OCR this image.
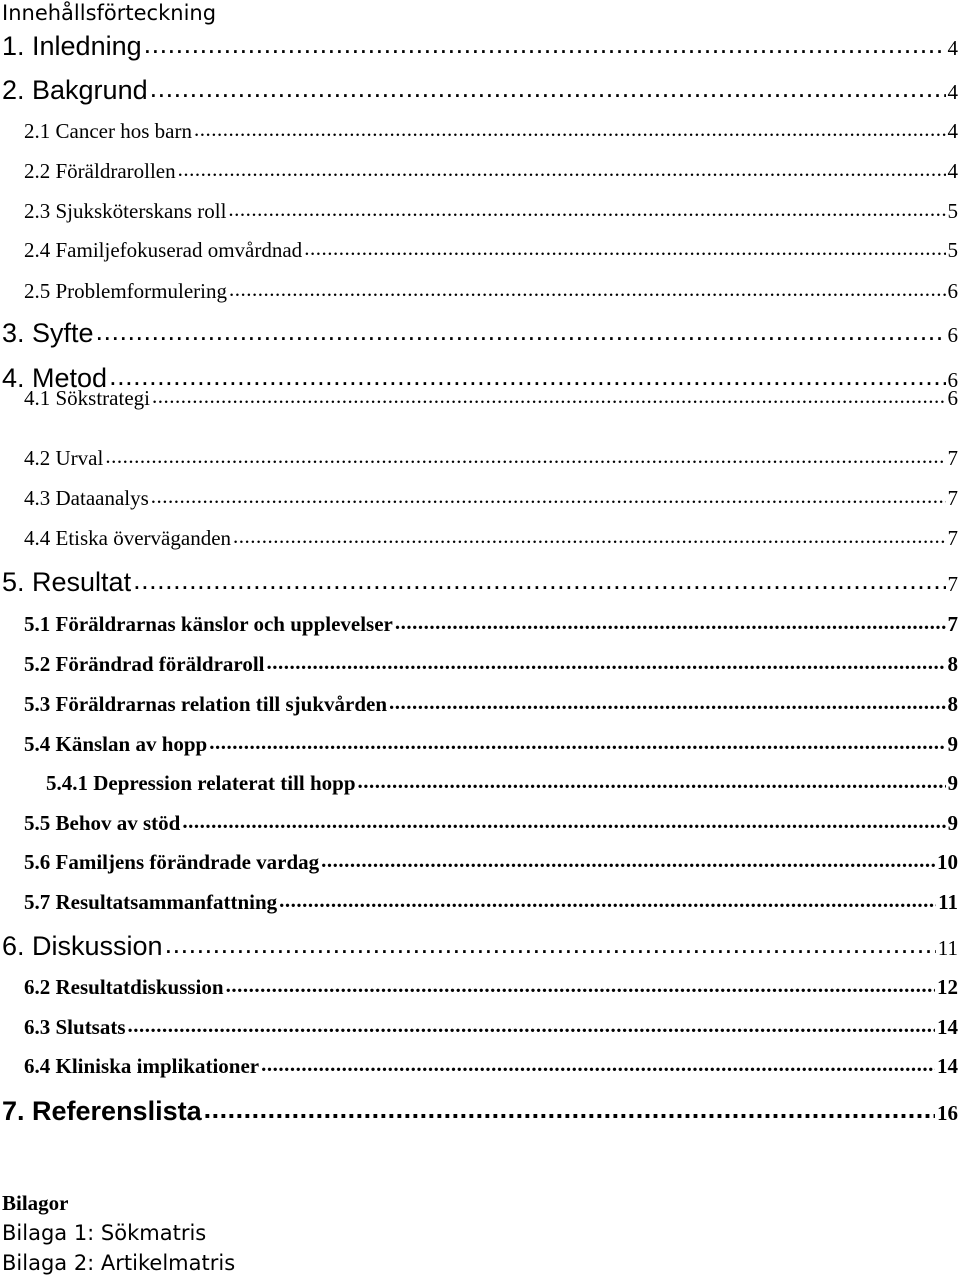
Innehållsförteckning
1. Inledning .....	4
2. Bakgrund .....	4
2.1 Cancer hos barn .....	4
2.2 Föräldrarollen .....	4
2.3 Sjuksköterskans roll .....	5
2.4 Familjefokuserad omvårdnad .....	5
2.5 Problemformulering .....	6
3. Syfte .....	6
4. Metod .....	6
4.1 Sökstrategi .....	6
4.2 Urval .....	7
4.3 Dataanalys .....	7
4.4 Etiska överväganden .....	7
5. Resultat .....	7
5.1 Föräldrarnas känslor och upplevelser .....	7
5.2 Förändrad föräldraroll .....	8
5.3 Föräldrarnas relation till sjukvården .....	8
5.4 Känslan av hopp .....	9
5.4.1 Depression relaterat till hopp .....	9
5.5 Behov av stöd .....	9
5.6 Familjens förändrade vardag .....	10
5.7 Resultatsammanfattning .....	11
6. Diskussion .....	11
6.2 Resultatdiskussion .....	12
6.3 Slutsats .....	14
6.4 Kliniska implikationer .....	14
7. Referenslista .....	16
Bilagor
Bilaga 1: Sökmatris
Bilaga 2: Artikelmatris
